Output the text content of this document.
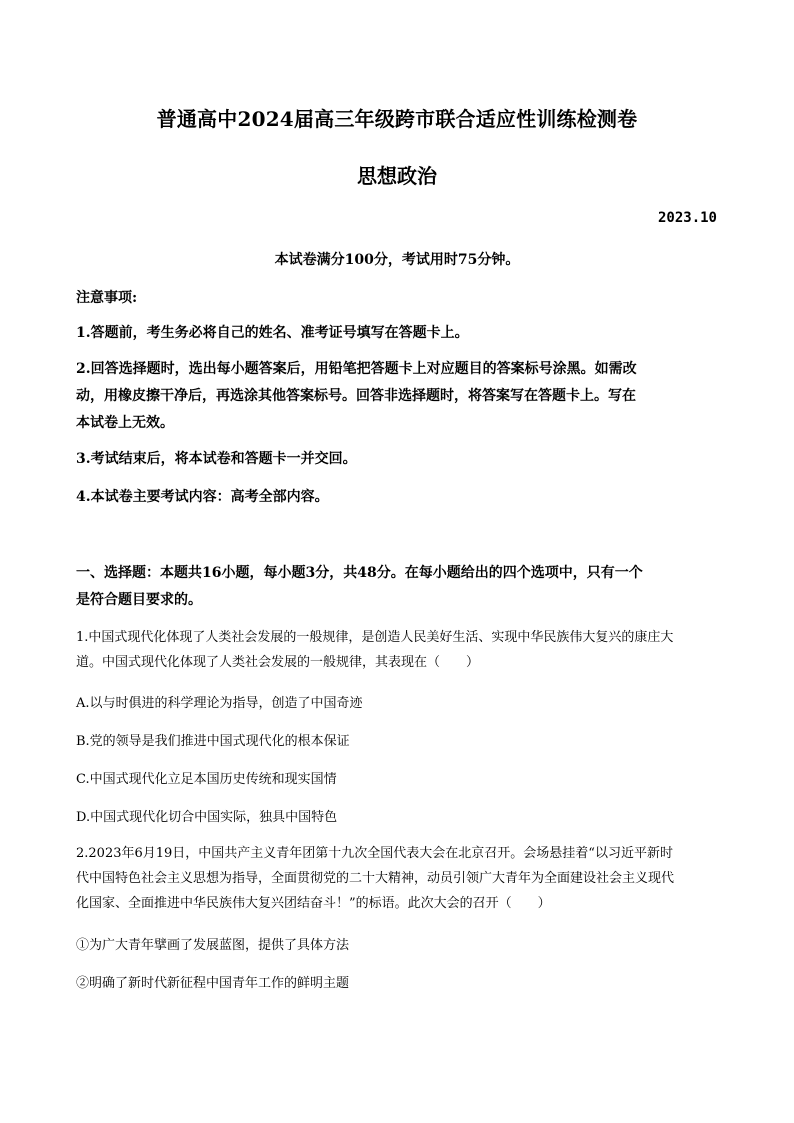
普通高中2024届高三年级跨市联合适应性训练检测卷
思想政治
2023.10
本试卷满分100分，考试用时75分钟。
注意事项:
1.答题前，考生务必将自己的姓名、准考证号填写在答题卡上。
2.回答选择题时，选出每小题答案后，用铅笔把答题卡上对应题目的答案标号涂黑。如需改
动，用橡皮擦干净后，再选涂其他答案标号。回答非选择题时，将答案写在答题卡上。写在
本试卷上无效。
3.考试结束后，将本试卷和答题卡一并交回。
4.本试卷主要考试内容：高考全部内容。
一、选择题：本题共16小题，每小题3分，共48分。在每小题给出的四个选项中，只有一个
是符合题目要求的。
1.中国式现代化体现了人类社会发展的一般规律，是创造人民美好生活、实现中华民族伟大复兴的康庄大
道。中国式现代化体现了人类社会发展的一般规律，其表现在（　　）
A.以与时俱进的科学理论为指导，创造了中国奇迹
B.党的领导是我们推进中国式现代化的根本保证
C.中国式现代化立足本国历史传统和现实国情
D.中国式现代化切合中国实际，独具中国特色
2.2023年6月19日，中国共产主义青年团第十九次全国代表大会在北京召开。会场悬挂着“以习近平新时
代中国特色社会主义思想为指导，全面贯彻党的二十大精神，动员引领广大青年为全面建设社会主义现代
化国家、全面推进中华民族伟大复兴团结奋斗！”的标语。此次大会的召开（　　）
①为广大青年擘画了发展蓝图，提供了具体方法
②明确了新时代新征程中国青年工作的鲜明主题
